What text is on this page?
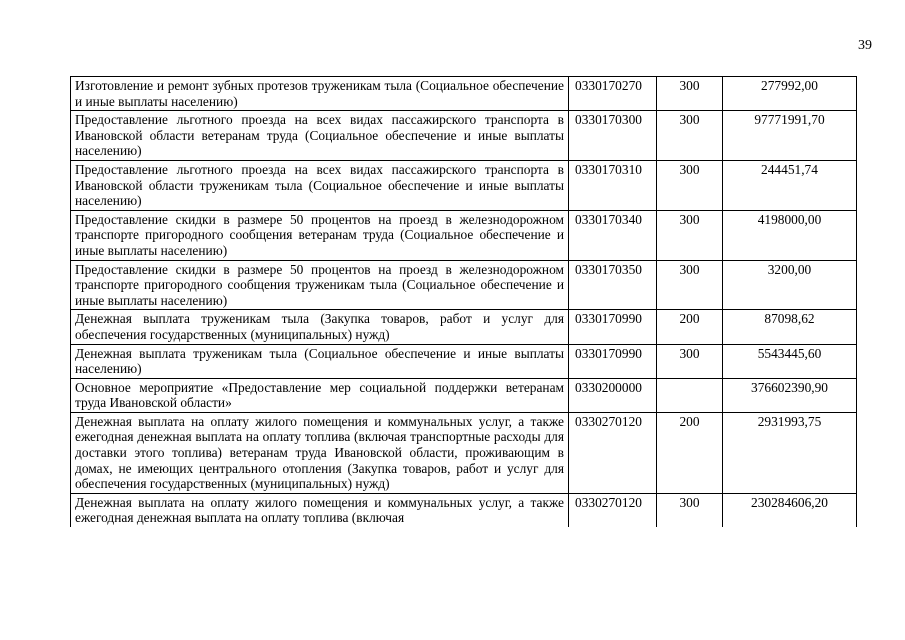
39
Изготовление и ремонт зубных протезов труженикам тыла (Социальное обеспечение и иные выплаты населению)	0330170270	300	277992,00
Предоставление льготного проезда на всех видах пассажирского транспорта в Ивановской области ветеранам труда (Социальное обеспечение и иные выплаты населению)	0330170300	300	97771991,70
Предоставление льготного проезда на всех видах пассажирского транспорта в Ивановской области труженикам тыла (Социальное обеспечение и иные выплаты населению)	0330170310	300	244451,74
Предоставление скидки в размере 50 процентов на проезд в железнодорожном транспорте пригородного сообщения ветеранам труда (Социальное обеспечение и иные выплаты населению)	0330170340	300	4198000,00
Предоставление скидки в размере 50 процентов на проезд в железнодорожном транспорте пригородного сообщения труженикам тыла (Социальное обеспечение и иные выплаты населению)	0330170350	300	3200,00
Денежная выплата труженикам тыла (Закупка товаров, работ и услуг для обеспечения государственных (муниципальных) нужд)	0330170990	200	87098,62
Денежная выплата труженикам тыла (Социальное обеспечение и иные выплаты населению)	0330170990	300	5543445,60
Основное мероприятие «Предоставление мер социальной поддержки ветеранам труда Ивановской области»	0330200000		376602390,90
Денежная выплата на оплату жилого помещения и коммунальных услуг, а также ежегодная денежная выплата на оплату топлива (включая транспортные расходы для доставки этого топлива) ветеранам труда Ивановской области, проживающим в домах, не имеющих центрального отопления (Закупка товаров, работ и услуг для обеспечения государственных (муниципальных) нужд)	0330270120	200	2931993,75
Денежная выплата на оплату жилого помещения и коммунальных услуг, а также ежегодная денежная выплата на оплату топлива (включая	0330270120	300	230284606,20
